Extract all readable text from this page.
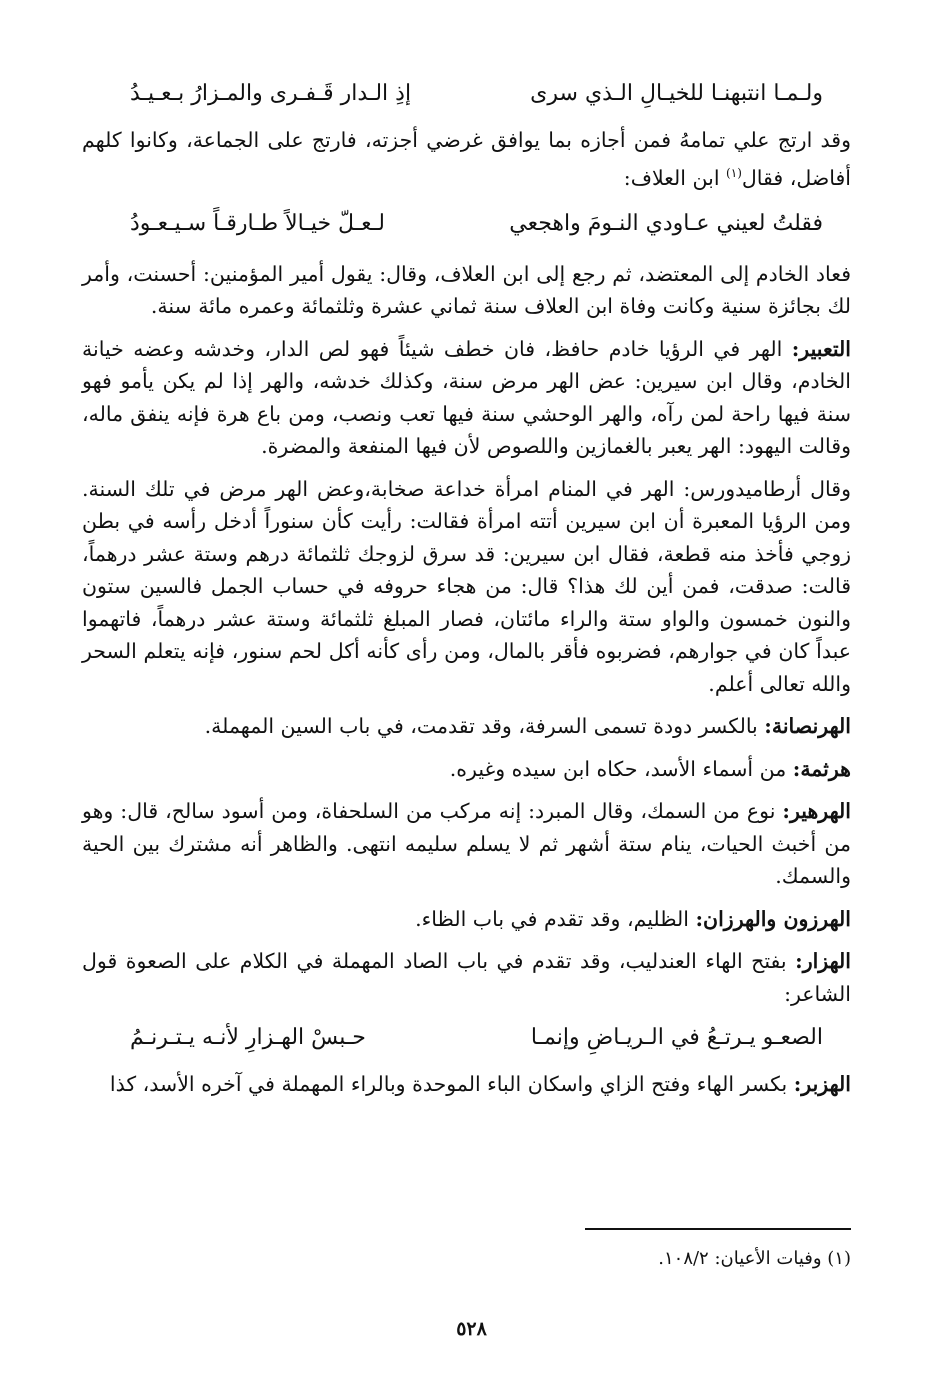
ولـمـا انتبهنـا للخيـالِ الـذي سرى
إذِ الـدار قَـفـرى والمـزارُ بـعـيـدُ

وقد ارتج علي تمامهُ فمن أجازه بما يوافق غرضي أجزته، فارتج على الجماعة، وكانوا كلهم أفاضل، فقال$^{(١)}$ ابن العلاف:

فقلتُ لعيني عـاودي النـومَ واهجعي
لـعـلّ خيـالاً طـارقـاً سـيـعـودُ

فعاد الخادم إلى المعتضد، ثم رجع إلى ابن العلاف، وقال: يقول أمير المؤمنين: أحسنت، وأمر لك بجائزة سنية وكانت وفاة ابن العلاف سنة ثماني عشرة وثلثمائة وعمره مائة سنة.

التعبير: الهر في الرؤيا خادم حافظ، فان خطف شيئاً فهو لص الدار، وخدشه وعضه خيانة الخادم، وقال ابن سيرين: عض الهر مرض سنة، وكذلك خدشه، والهر إذا لم يكن يأمو فهو سنة فيها راحة لمن رآه، والهر الوحشي سنة فيها تعب ونصب، ومن باع هرة فإنه ينفق ماله، وقالت اليهود: الهر يعبر بالغمازين واللصوص لأن فيها المنفعة والمضرة.

وقال أرطاميدورس: الهر في المنام امرأة خداعة صخابة،وعض الهر مرض في تلك السنة. ومن الرؤيا المعبرة أن ابن سيرين أتته امرأة فقالت: رأيت كأن سنوراً أدخل رأسه في بطن زوجي فأخذ منه قطعة، فقال ابن سيرين: قد سرق لزوجك ثلثمائة درهم وستة عشر درهماً، قالت: صدقت، فمن أين لك هذا؟ قال: من هجاء حروفه في حساب الجمل فالسين ستون والنون خمسون والواو ستة والراء مائتان، فصار المبلغ ثلثمائة وستة عشر درهماً، فاتهموا عبداً كان في جوارهم، فضربوه فأقر بالمال، ومن رأى كأنه أكل لحم سنور، فإنه يتعلم السحر والله تعالى أعلم.

الهرنصانة: بالكسر دودة تسمى السرفة، وقد تقدمت، في باب السين المهملة.

هرثمة: من أسماء الأسد، حكاه ابن سيده وغيره.

الهرهير: نوع من السمك، وقال المبرد: إنه مركب من السلحفاة، ومن أسود سالح، قال: وهو من أخبث الحيات، ينام ستة أشهر ثم لا يسلم سليمه انتهى. والظاهر أنه مشترك بين الحية والسمك.

الهرزون والهرزان: الظليم، وقد تقدم في باب الظاء.

الهزار: بفتح الهاء العندليب، وقد تقدم في باب الصاد المهملة في الكلام على الصعوة قول الشاعر:

الصعـو يـرتـعُ في الـريـاضِ وإنمـا
حـبسْ الهـزارِ لأنـه يـتـرنـمُ

الهزبر: بكسر الهاء وفتح الزاي واسكان الباء الموحدة وبالراء المهملة في آخره الأسد، كذا

(١) وفيات الأعيان: ١٠٨/٢.
٥٢٨
